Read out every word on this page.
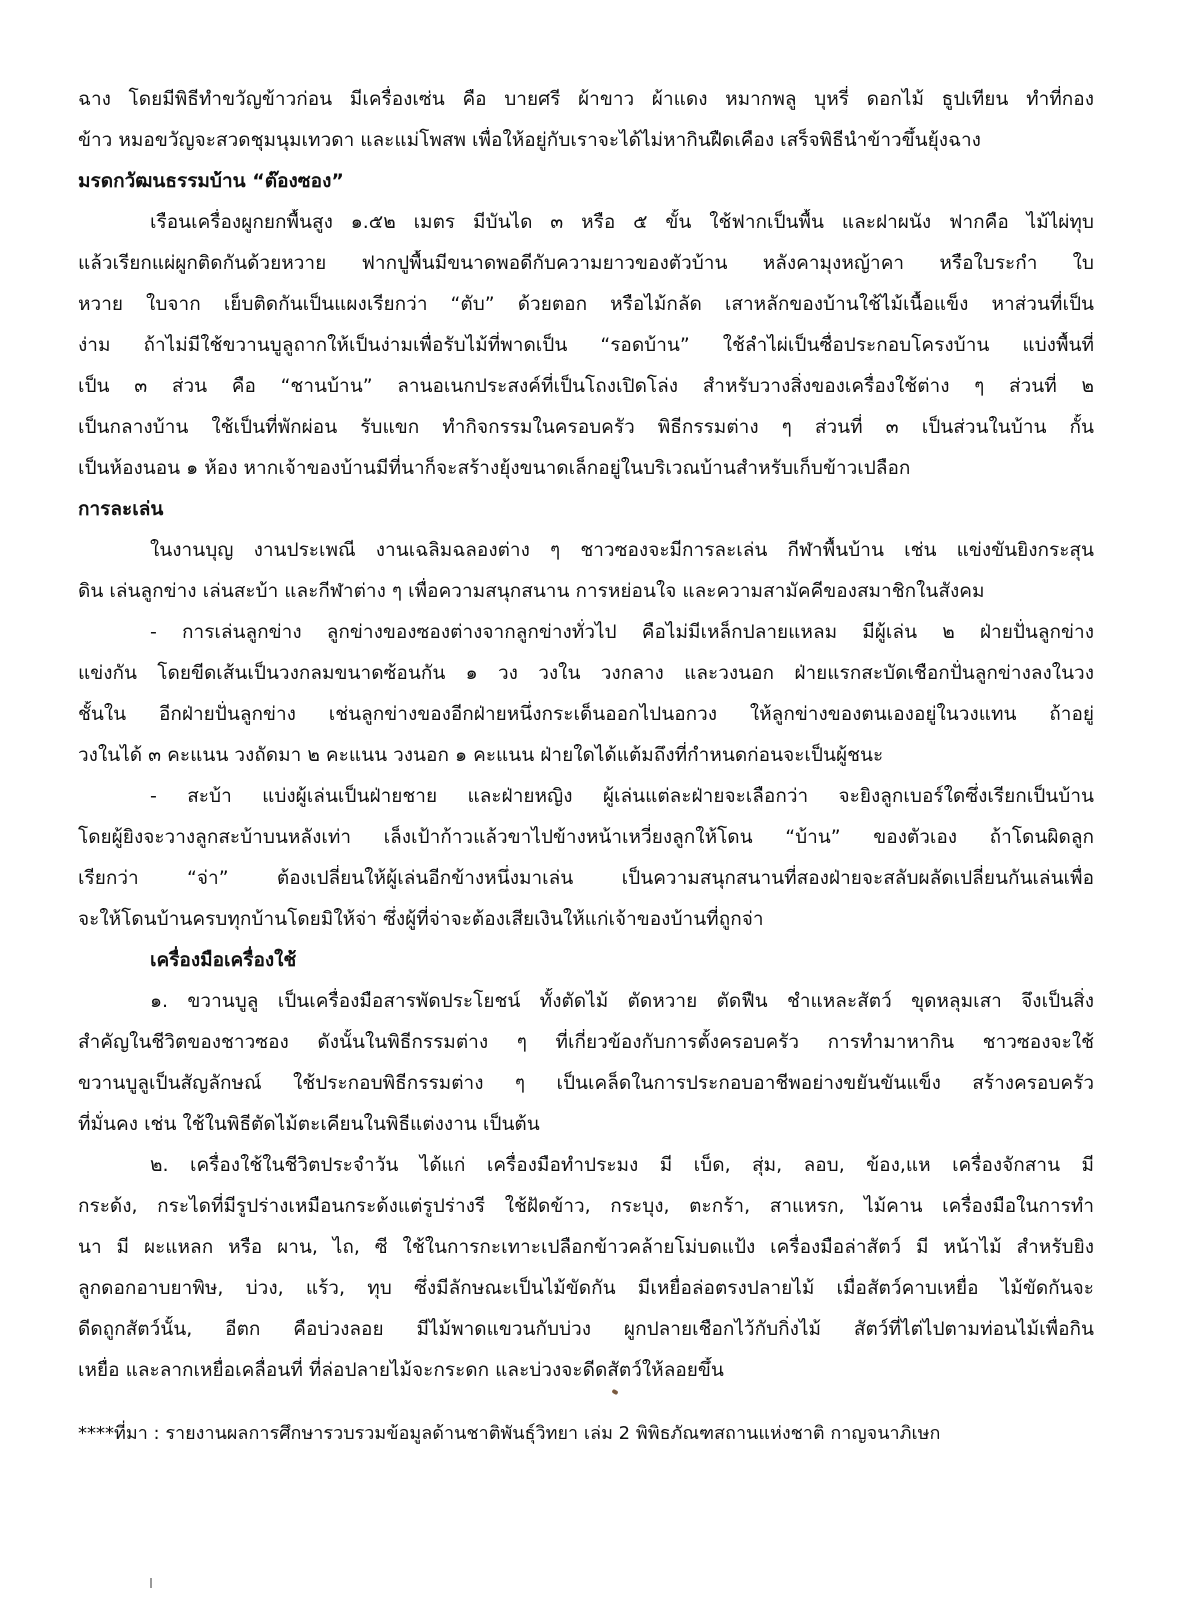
ฉาง โดยมีพิธีทำขวัญข้าวก่อน มีเครื่องเซ่น คือ บายศรี ผ้าขาว ผ้าแดง หมากพลู บุหรี่ ดอกไม้ ธูปเทียน ทำที่กอง
ข้าว หมอขวัญจะสวดชุมนุมเทวดา และแม่โพสพ เพื่อให้อยู่กับเราจะได้ไม่หากินฝืดเคือง เสร็จพิธีนำข้าวขึ้นยุ้งฉาง
มรดกวัฒนธรรมบ้าน “ต๊องซอง”
เรือนเครื่องผูกยกพื้นสูง ๑.๕๒ เมตร มีบันได ๓ หรือ ๕ ขั้น ใช้ฟากเป็นพื้น และฝาผนัง ฟากคือ ไม้ไผ่ทุบ
แล้วเรียกแผ่ผูกติดกันด้วยหวาย ฟากปูพื้นมีขนาดพอดีกับความยาวของตัวบ้าน หลังคามุงหญ้าคา หรือใบระกำ ใบ
หวาย ใบจาก เย็บติดกันเป็นแผงเรียกว่า “ตับ” ด้วยตอก หรือไม้กลัด เสาหลักของบ้านใช้ไม้เนื้อแข็ง หาส่วนที่เป็น
ง่าม ถ้าไม่มีใช้ขวานบูลูถากให้เป็นง่ามเพื่อรับไม้ที่พาดเป็น “รอดบ้าน” ใช้ลำไผ่เป็นซื่อประกอบโครงบ้าน แบ่งพื้นที่
เป็น ๓ ส่วน คือ “ชานบ้าน” ลานอเนกประสงค์ที่เป็นโถงเปิดโล่ง สำหรับวางสิ่งของเครื่องใช้ต่าง ๆ ส่วนที่ ๒
เป็นกลางบ้าน ใช้เป็นที่พักผ่อน รับแขก ทำกิจกรรมในครอบครัว พิธีกรรมต่าง ๆ ส่วนที่ ๓ เป็นส่วนในบ้าน กั้น
เป็นห้องนอน ๑ ห้อง หากเจ้าของบ้านมีที่นาก็จะสร้างยุ้งขนาดเล็กอยู่ในบริเวณบ้านสำหรับเก็บข้าวเปลือก
การละเล่น
ในงานบุญ งานประเพณี งานเฉลิมฉลองต่าง ๆ ชาวซองจะมีการละเล่น กีฬาพื้นบ้าน เช่น แข่งขันยิงกระสุน
ดิน เล่นลูกข่าง เล่นสะบ้า และกีฬาต่าง ๆ เพื่อความสนุกสนาน การหย่อนใจ และความสามัคคีของสมาชิกในสังคม
- การเล่นลูกข่าง ลูกข่างของซองต่างจากลูกข่างทั่วไป คือไม่มีเหล็กปลายแหลม มีผู้เล่น ๒ ฝ่ายปั่นลูกข่าง
แข่งกัน โดยขีดเส้นเป็นวงกลมขนาดซ้อนกัน ๑ วง วงใน วงกลาง และวงนอก ฝ่ายแรกสะบัดเชือกปั่นลูกข่างลงในวง
ชั้นใน อีกฝ่ายปั่นลูกข่าง เช่นลูกข่างของอีกฝ่ายหนึ่งกระเด็นออกไปนอกวง ให้ลูกข่างของตนเองอยู่ในวงแทน ถ้าอยู่
วงในได้ ๓ คะแนน วงถัดมา ๒ คะแนน วงนอก ๑ คะแนน ฝ่ายใดได้แต้มถึงที่กำหนดก่อนจะเป็นผู้ชนะ
- สะบ้า แบ่งผู้เล่นเป็นฝ่ายชาย และฝ่ายหญิง ผู้เล่นแต่ละฝ่ายจะเลือกว่า จะยิงลูกเบอร์ใดซึ่งเรียกเป็นบ้าน
โดยผู้ยิงจะวางลูกสะบ้าบนหลังเท่า เล็งเป้าก้าวแล้วขาไปข้างหน้าเหวี่ยงลูกให้โดน “บ้าน” ของตัวเอง ถ้าโดนผิดลูก
เรียกว่า “จ่า” ต้องเปลี่ยนให้ผู้เล่นอีกข้างหนึ่งมาเล่น เป็นความสนุกสนานที่สองฝ่ายจะสลับผลัดเปลี่ยนกันเล่นเพื่อ
จะให้โดนบ้านครบทุกบ้านโดยมิให้จ่า ซึ่งผู้ที่จ่าจะต้องเสียเงินให้แก่เจ้าของบ้านที่ถูกจ่า
เครื่องมือเครื่องใช้
๑. ขวานบูลู เป็นเครื่องมือสารพัดประโยชน์ ทั้งตัดไม้ ตัดหวาย ตัดฟืน ชำแหละสัตว์ ขุดหลุมเสา จึงเป็นสิ่ง
สำคัญในชีวิตของชาวซอง ดังนั้นในพิธีกรรมต่าง ๆ ที่เกี่ยวข้องกับการตั้งครอบครัว การทำมาหากิน ชาวซองจะใช้
ขวานบูลูเป็นสัญลักษณ์ ใช้ประกอบพิธีกรรมต่าง ๆ เป็นเคล็ดในการประกอบอาชีพอย่างขยันขันแข็ง สร้างครอบครัว
ที่มั่นคง เช่น ใช้ในพิธีตัดไม้ตะเคียนในพิธีแต่งงาน เป็นต้น
๒. เครื่องใช้ในชีวิตประจำวัน ได้แก่ เครื่องมือทำประมง มี เบ็ด, สุ่ม, ลอบ, ข้อง,แห เครื่องจักสาน มี
กระด้ง, กระไดที่มีรูปร่างเหมือนกระด้งแต่รูปร่างรี ใช้ฝัดข้าว, กระบุง, ตะกร้า, สาแหรก, ไม้คาน เครื่องมือในการทำ
นา มี ผะแหลก หรือ ผาน, ไถ, ซี ใช้ในการกะเทาะเปลือกข้าวคล้ายโม่บดแป้ง เครื่องมือล่าสัตว์ มี หน้าไม้ สำหรับยิง
ลูกดอกอาบยาพิษ, บ่วง, แร้ว, ทุบ ซึ่งมีลักษณะเป็นไม้ขัดกัน มีเหยื่อล่อตรงปลายไม้ เมื่อสัตว์คาบเหยื่อ ไม้ขัดกันจะ
ดีดถูกสัตว์นั้น, อีตก คือบ่วงลอย มีไม้พาดแขวนกับบ่วง ผูกปลายเชือกไว้กับกิ่งไม้ สัตว์ที่ไต่ไปตามท่อนไม้เพื่อกิน
เหยื่อ และลากเหยื่อเคลื่อนที่ ที่ล่อปลายไม้จะกระดก และบ่วงจะดีดสัตว์ให้ลอยขึ้น
****ที่มา : รายงานผลการศึกษารวบรวมข้อมูลด้านชาติพันธุ์วิทยา เล่ม 2 พิพิธภัณฑสถานแห่งชาติ กาญจนาภิเษก
